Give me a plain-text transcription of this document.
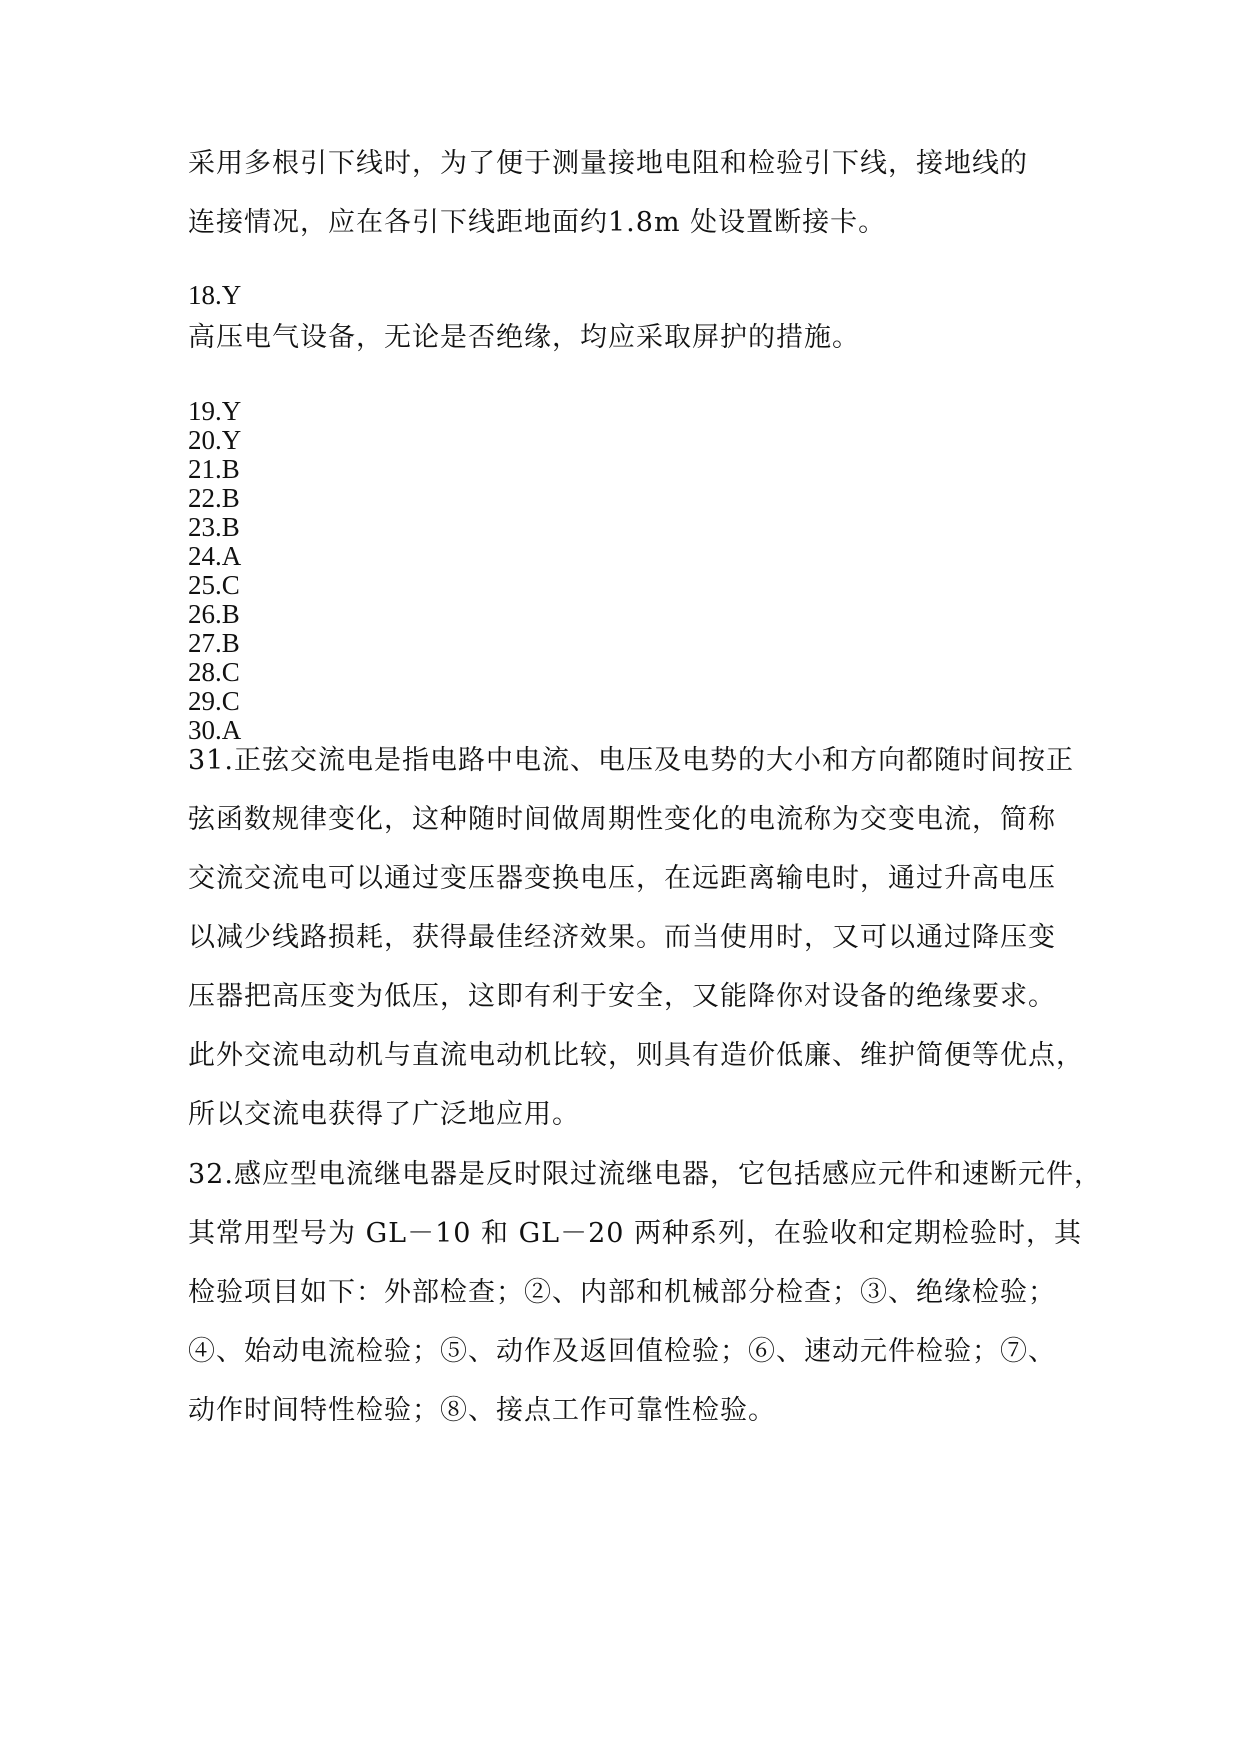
采用多根引下线时，为了便于测量接地电阻和检验引下线，接地线的
连接情况，应在各引下线距地面约1.8m 处设置断接卡。
18.Y
高压电气设备，无论是否绝缘，均应采取屏护的措施。
19.Y
20.Y
21.B
22.B
23.B
24.A
25.C
26.B
27.B
28.C
29.C
30.A
31.正弦交流电是指电路中电流、电压及电势的大小和方向都随时间按正
弦函数规律变化，这种随时间做周期性变化的电流称为交变电流，简称
交流交流电可以通过变压器变换电压，在远距离输电时，通过升高电压
以减少线路损耗，获得最佳经济效果。而当使用时，又可以通过降压变
压器把高压变为低压，这即有利于安全，又能降你对设备的绝缘要求。
此外交流电动机与直流电动机比较，则具有造价低廉、维护简便等优点，
所以交流电获得了广泛地应用。
32.感应型电流继电器是反时限过流继电器，它包括感应元件和速断元件，
其常用型号为 GL－10 和 GL－20 两种系列，在验收和定期检验时，其
检验项目如下：外部检查；②、内部和机械部分检查；③、绝缘检验；
④、始动电流检验；⑤、动作及返回值检验；⑥、速动元件检验；⑦、
动作时间特性检验；⑧、接点工作可靠性检验。
